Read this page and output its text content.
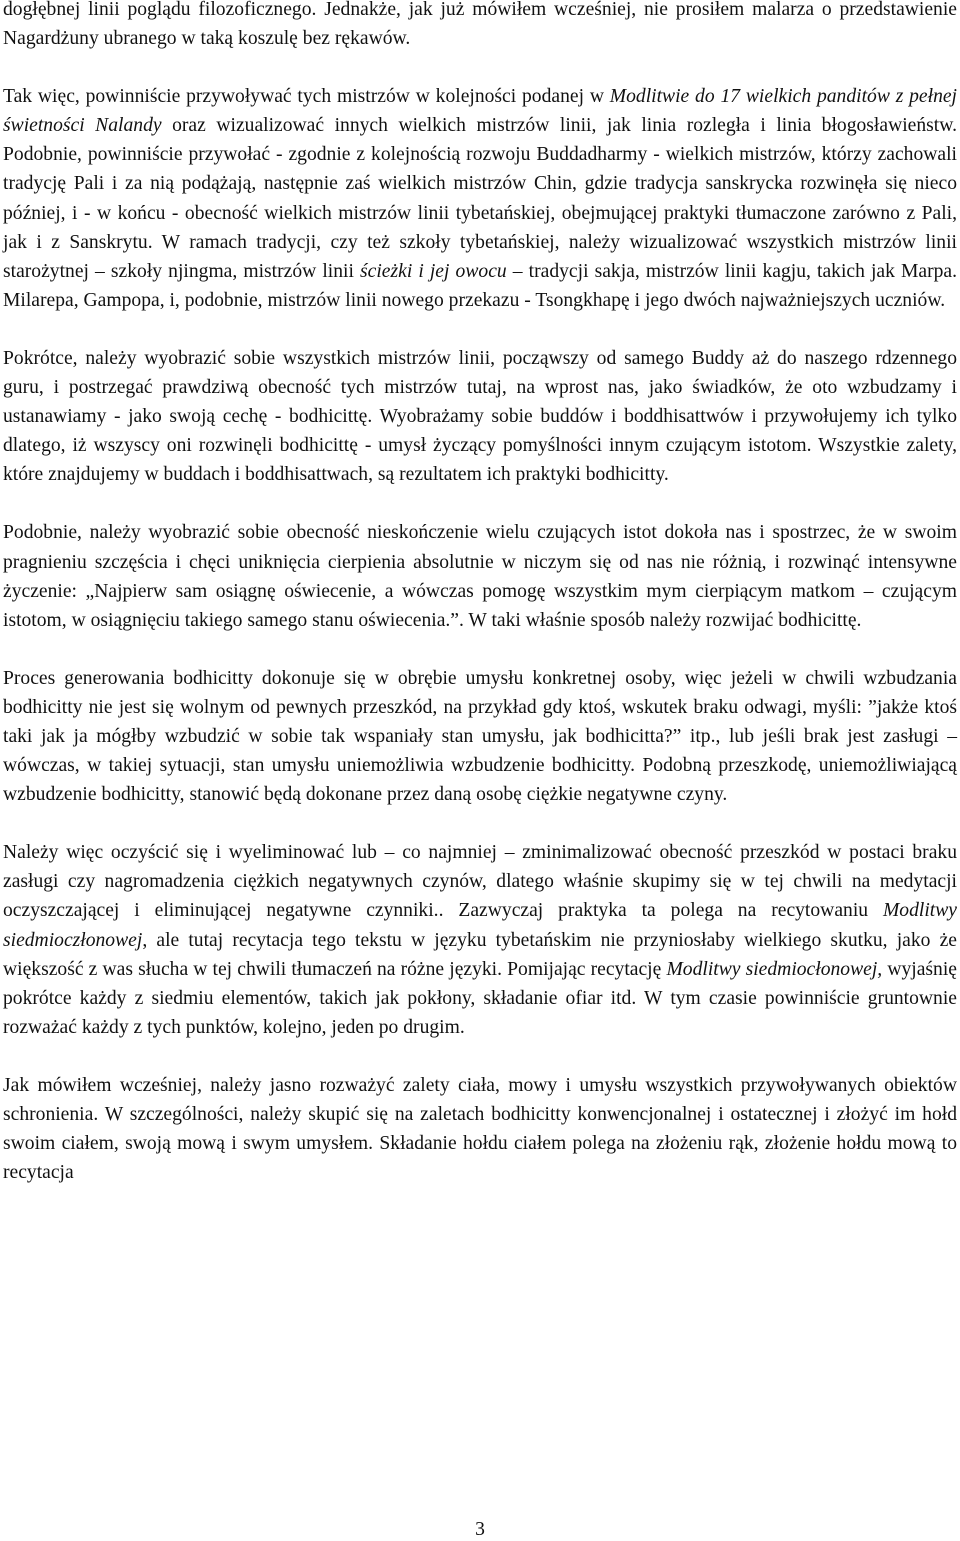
dogłębnej linii poglądu filozoficznego. Jednakże, jak już mówiłem wcześniej, nie prosiłem malarza o przedstawienie Nagardżuny ubranego w taką koszulę bez rękawów.

Tak więc, powinniście przywoływać tych mistrzów w kolejności podanej w Modlitwie do 17 wielkich panditów z pełnej świetności Nalandy oraz wizualizować innych wielkich mistrzów linii, jak linia rozległa i linia błogosławieństw. Podobnie, powinniście przywołać - zgodnie z kolejnością rozwoju Buddadharmy - wielkich mistrzów, którzy zachowali tradycję Pali i za nią podążają, następnie zaś wielkich mistrzów Chin, gdzie tradycja sanskrycka rozwinęła się nieco później, i - w końcu - obecność wielkich mistrzów linii tybetańskiej, obejmującej praktyki tłumaczone zarówno z Pali, jak i z Sanskrytu. W ramach tradycji, czy też szkoły tybetańskiej, należy wizualizować wszystkich mistrzów linii starożytnej – szkoły njingma, mistrzów linii ścieżki i jej owocu – tradycji sakja, mistrzów linii kagju, takich jak Marpa. Milarepa, Gampopa, i, podobnie, mistrzów linii nowego przekazu - Tsongkhapę i jego dwóch najważniejszych uczniów.

Pokrótce, należy wyobrazić sobie wszystkich mistrzów linii, począwszy od samego Buddy aż do naszego rdzennego guru, i postrzegać prawdziwą obecność tych mistrzów tutaj, na wprost nas, jako świadków, że oto wzbudzamy i ustanawiamy - jako swoją cechę - bodhicittę. Wyobrażamy sobie buddów i boddhisattwów i przywołujemy ich tylko dlatego, iż wszyscy oni rozwinęli bodhicittę - umysł życzący pomyślności innym czującym istotom. Wszystkie zalety, które znajdujemy w buddach i boddhisattwach, są rezultatem ich praktyki bodhicitty.

Podobnie, należy wyobrazić sobie obecność nieskończenie wielu czujących istot dokoła nas i spostrzec, że w swoim pragnieniu szczęścia i chęci uniknięcia cierpienia absolutnie w niczym się od nas nie różnią, i rozwinąć intensywne życzenie: „Najpierw sam osiągnę oświecenie, a wówczas pomogę wszystkim mym cierpiącym matkom – czującym istotom, w osiągnięciu takiego samego stanu oświecenia.”. W taki właśnie sposób należy rozwijać bodhicittę.

Proces generowania bodhicitty dokonuje się w obrębie umysłu konkretnej osoby, więc jeżeli w chwili wzbudzania bodhicitty nie jest się wolnym od pewnych przeszkód, na przykład gdy ktoś, wskutek braku odwagi, myśli: ”jakże ktoś taki jak ja mógłby wzbudzić w sobie tak wspaniały stan umysłu, jak bodhicitta?” itp., lub jeśli brak jest zasługi – wówczas, w takiej sytuacji, stan umysłu uniemożliwia wzbudzenie bodhicitty. Podobną przeszkodę, uniemożliwiającą wzbudzenie bodhicitty, stanowić będą dokonane przez daną osobę ciężkie negatywne czyny.

Należy więc oczyścić się i wyeliminować lub – co najmniej – zminimalizować obecność przeszkód w postaci braku zasługi czy nagromadzenia ciężkich negatywnych czynów, dlatego właśnie skupimy się w tej chwili na medytacji oczyszczającej i eliminującej negatywne czynniki.. Zazwyczaj praktyka ta polega na recytowaniu Modlitwy siedmioczłonowej, ale tutaj recytacja tego tekstu w języku tybetańskim nie przyniosłaby wielkiego skutku, jako że większość z was słucha w tej chwili tłumaczeń na różne języki. Pomijając recytację Modlitwy siedmiocłonowej, wyjaśnię pokrótce każdy z siedmiu elementów, takich jak pokłony, składanie ofiar itd. W tym czasie powinniście gruntownie rozważać każdy z tych punktów, kolejno, jeden po drugim.

Jak mówiłem wcześniej, należy jasno rozważyć zalety ciała, mowy i umysłu wszystkich przywoływanych obiektów schronienia. W szczególności, należy skupić się na zaletach bodhicitty konwencjonalnej i ostatecznej i złożyć im hołd swoim ciałem, swoją mową i swym umysłem. Składanie hołdu ciałem polega na złożeniu rąk, złożenie hołdu mową to recytacja

3
